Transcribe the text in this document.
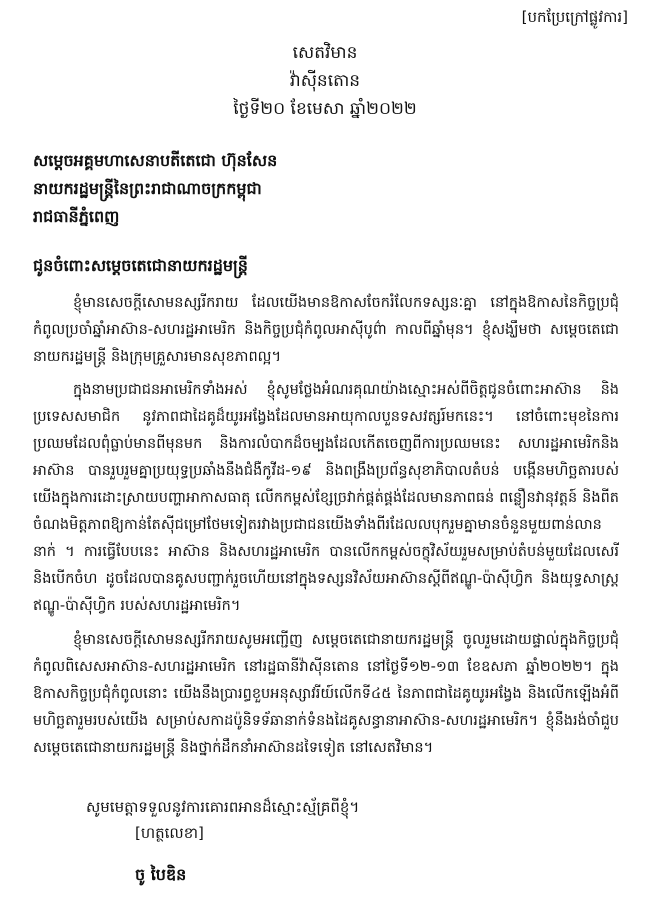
[បកប្រែក្រៅផ្លូវការ]
សេតវិមាន
វ៉ាស៊ីនតោន
ថ្ងៃទី២០ ខែមេសា ឆ្នាំ២០២២
សម្តេចអគ្គមហាសេនាបតីតេជោ ហ៊ុនសែន
នាយករដ្ឋមន្ត្រីនៃព្រះរាជាណាចក្រកម្ពុជា
រាជធានីភ្នំពេញ
ជូនចំពោះសម្តេចតេជោនាយករដ្ឋមន្ត្រី
ខ្ញុំមានសេចក្តីសោមនស្សរីករាយ ដែលយើងមានឱកាសចែករំលែកទស្សនៈគ្នា នៅក្នុងឱកាសនៃកិច្ចប្រជុំកំពូលប្រចាំឆ្នាំអាស៊ាន-សហរដ្ឋអាមេរិក និងកិច្ចប្រជុំកំពូលអាស៊ីបូព៌ា កាលពីឆ្នាំមុន។ ខ្ញុំសង្ឃឹមថា សម្តេចតេជោនាយករដ្ឋមន្ត្រី និងក្រុមគ្រួសារមានសុខភាពល្អ។
ក្នុងនាមប្រជាជនអាមេរិកទាំងអស់ ខ្ញុំសូមថ្លែងអំណរគុណយ៉ាងស្មោះអស់ពីចិត្តជូនចំពោះអាស៊ាន និងប្រទេសសមាជិក នូវភាពជាដៃគូដ៏យូរអង្វែងដែលមានអាយុកាលបួនទសវត្សរ៍មកនេះ។ នៅចំពោះមុខនៃការប្រឈមដែលពុំធ្លាប់មានពីមុនមក និងការលំបាកដ៏ចម្បងដែលកើតចេញពីការប្រឈមនេះ សហរដ្ឋអាមេរិកនិងអាស៊ាន បានរួបរួមគ្នាប្រយុទ្ធប្រឆាំងនឹងជំងឺកូវីដ-១៩ និងពង្រឹងប្រព័ន្ធសុខាភិបាលតំបន់ បង្កើនមហិច្ឆតារបស់យើងក្នុងការដោះស្រាយបញ្ហាអាកាសធាតុ លើកកម្ពស់ខ្សែច្រវាក់ផ្គត់ផ្គង់ដែលមានភាពធន់ ពន្លឿនវានុវត្តន៍ និងពីតចំណងមិត្តភាពឱ្យកាន់តែស៊ីជម្រៅថែមទៀតរវាងប្រជាជនយើងទាំងពីរដែលលបុករួមគ្នាមានចំនួនមួយពាន់លាននាក់ ។ ការធ្វើបែបនេះ អាស៊ាន និងសហរដ្ឋអាមេរិក បានលើកកម្ពស់ចក្ខុវិស័យរួមសម្រាប់តំបន់មួយដែលសេរី និងបើកចំហ ដូចដែលបានគូសបញ្ជាក់រួចហើយនៅក្នុងទស្សនវិស័យអាស៊ានស្តីពីឥណ្ឌូ-ប៉ាស៊ីហ្វិក និងយុទ្ធសាស្ត្រឥណ្ឌូ-ប៉ាស៊ីហ្វិក របស់សហរដ្ឋអាមេរិក។
ខ្ញុំមានសេចក្តីសោមនស្សរីករាយសូមអញ្ជើញ សម្តេចតេជោនាយករដ្ឋមន្ត្រី ចូលរួមដោយផ្ទាល់ក្នុងកិច្ចប្រជុំកំពូលពិសេសអាស៊ាន-សហរដ្ឋអាមេរិក នៅរដ្ឋធានីវ៉ាស៊ីនតោន នៅថ្ងៃទី១២-១៣ ខែឧសភា ឆ្នាំ២០២២។ ក្នុងឱកាសកិច្ចប្រជុំកំពូលនោះ យើងនឹងប្រារព្ធខួបអនុស្សាវរីយ៍លើកទី៤៥ នៃភាពជាដៃគូយូរអង្វែង និងលើកឡើងអំពីមហិច្ឆតារួមរបស់យើង សម្រាប់សកាដប៉ូនិទទ័ឆានាក់ទំនងដៃគូសន្ធានាអាស៊ាន-សហរដ្ឋអាមេរិក។ ខ្ញុំនឹងរង់ចាំជួប សម្តេចតេជោនាយករដ្ឋមន្ត្រី និងថ្នាក់ដឹកនាំអាស៊ានដទៃទៀត នៅសេតវិមាន។
សូមមេត្តាទទួលនូវការគោរពអានដ៏ស្មោះស្ម័គ្រពីខ្ញុំ។
[ហត្ថលេខា]
ចូ បៃឌិន
